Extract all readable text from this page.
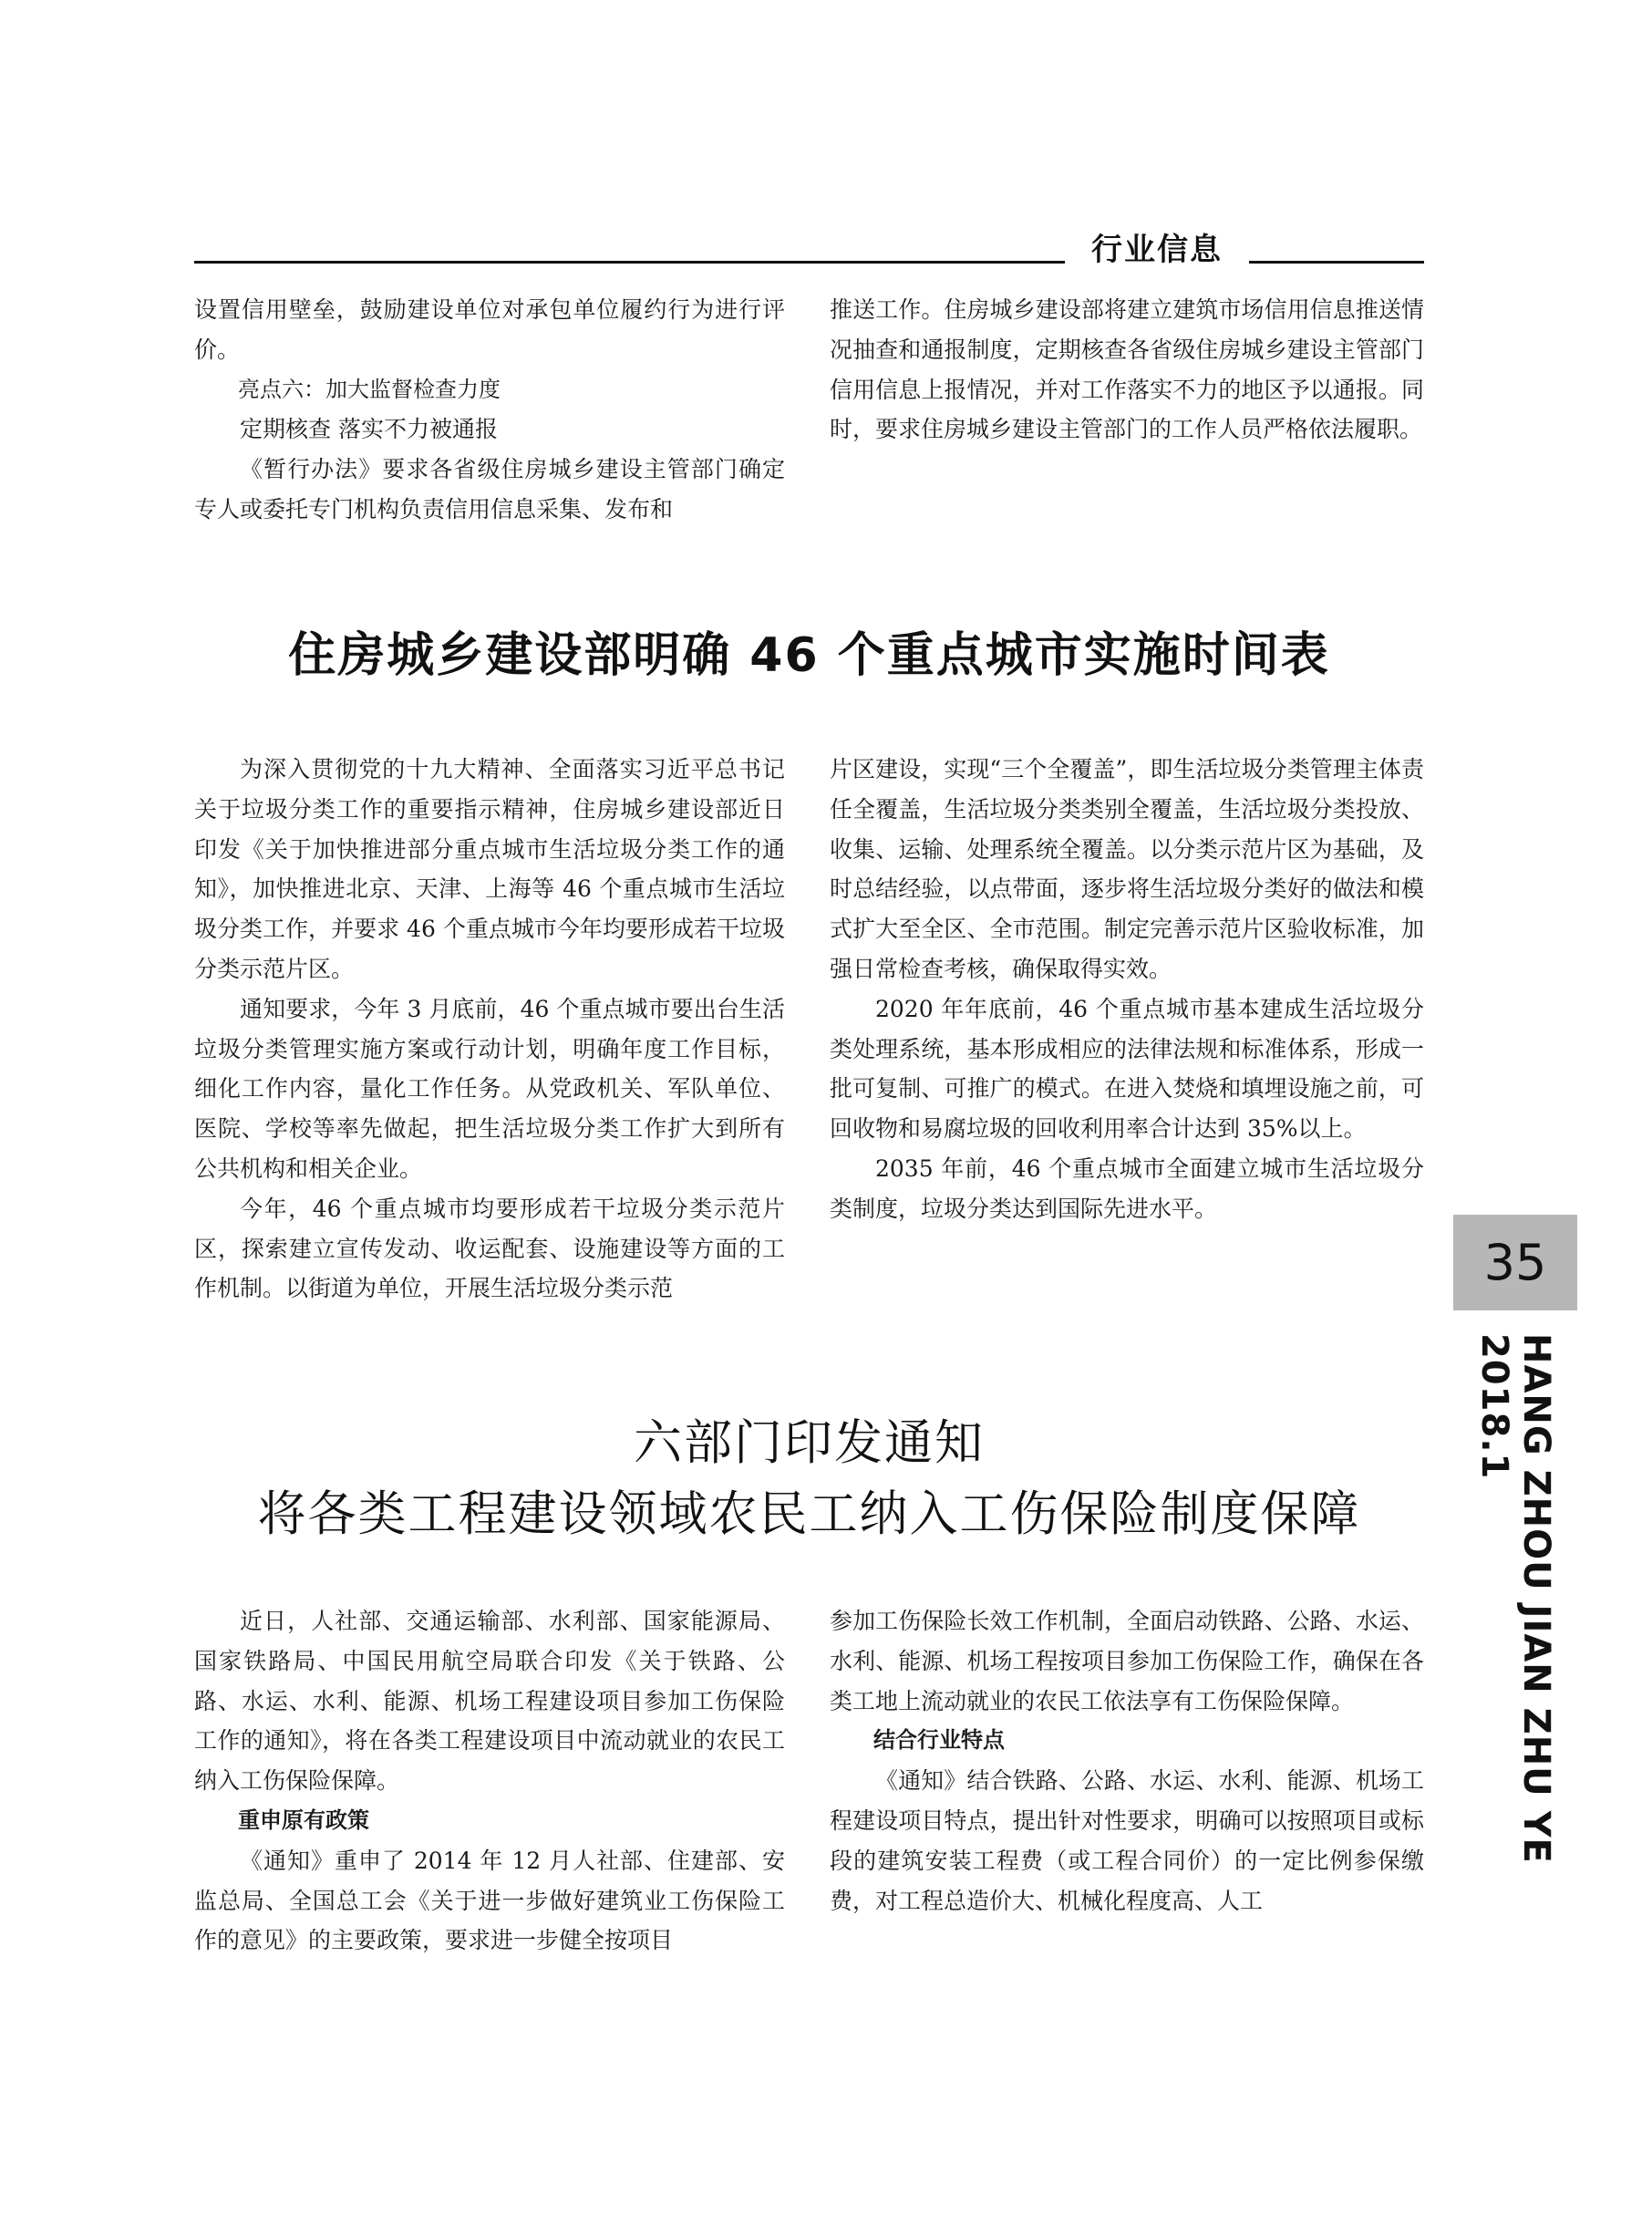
行业信息

设置信用壁垒，鼓励建设单位对承包单位履约行为进行评价。

亮点六：加大监督检查力度

定期核查 落实不力被通报

《暂行办法》要求各省级住房城乡建设主管部门确定专人或委托专门机构负责信用信息采集、发布和

推送工作。住房城乡建设部将建立建筑市场信用信息推送情况抽查和通报制度，定期核查各省级住房城乡建设主管部门信用信息上报情况，并对工作落实不力的地区予以通报。同时，要求住房城乡建设主管部门的工作人员严格依法履职。

住房城乡建设部明确 46 个重点城市实施时间表

为深入贯彻党的十九大精神、全面落实习近平总书记关于垃圾分类工作的重要指示精神，住房城乡建设部近日印发《关于加快推进部分重点城市生活垃圾分类工作的通知》，加快推进北京、天津、上海等 46 个重点城市生活垃圾分类工作，并要求 46 个重点城市今年均要形成若干垃圾分类示范片区。

通知要求，今年 3 月底前，46 个重点城市要出台生活垃圾分类管理实施方案或行动计划，明确年度工作目标，细化工作内容，量化工作任务。从党政机关、军队单位、医院、学校等率先做起，把生活垃圾分类工作扩大到所有公共机构和相关企业。

今年，46 个重点城市均要形成若干垃圾分类示范片区，探索建立宣传发动、收运配套、设施建设等方面的工作机制。以街道为单位，开展生活垃圾分类示范

片区建设，实现“三个全覆盖”，即生活垃圾分类管理主体责任全覆盖，生活垃圾分类类别全覆盖，生活垃圾分类投放、收集、运输、处理系统全覆盖。以分类示范片区为基础，及时总结经验，以点带面，逐步将生活垃圾分类好的做法和模式扩大至全区、全市范围。制定完善示范片区验收标准，加强日常检查考核，确保取得实效。

2020 年年底前，46 个重点城市基本建成生活垃圾分类处理系统，基本形成相应的法律法规和标准体系，形成一批可复制、可推广的模式。在进入焚烧和填埋设施之前，可回收物和易腐垃圾的回收利用率合计达到 35%以上。

2035 年前，46 个重点城市全面建立城市生活垃圾分类制度，垃圾分类达到国际先进水平。

六部门印发通知
将各类工程建设领域农民工纳入工伤保险制度保障

近日，人社部、交通运输部、水利部、国家能源局、国家铁路局、中国民用航空局联合印发《关于铁路、公路、水运、水利、能源、机场工程建设项目参加工伤保险工作的通知》，将在各类工程建设项目中流动就业的农民工纳入工伤保险保障。

重申原有政策

《通知》重申了 2014 年 12 月人社部、住建部、安监总局、全国总工会《关于进一步做好建筑业工伤保险工作的意见》的主要政策，要求进一步健全按项目

参加工伤保险长效工作机制，全面启动铁路、公路、水运、水利、能源、机场工程按项目参加工伤保险工作，确保在各类工地上流动就业的农民工依法享有工伤保险保障。

结合行业特点

《通知》结合铁路、公路、水运、水利、能源、机场工程建设项目特点，提出针对性要求，明确可以按照项目或标段的建筑安装工程费（或工程合同价）的一定比例参保缴费，对工程总造价大、机械化程度高、人工

35
HANG ZHOU JIAN ZHU YE 2018.1
